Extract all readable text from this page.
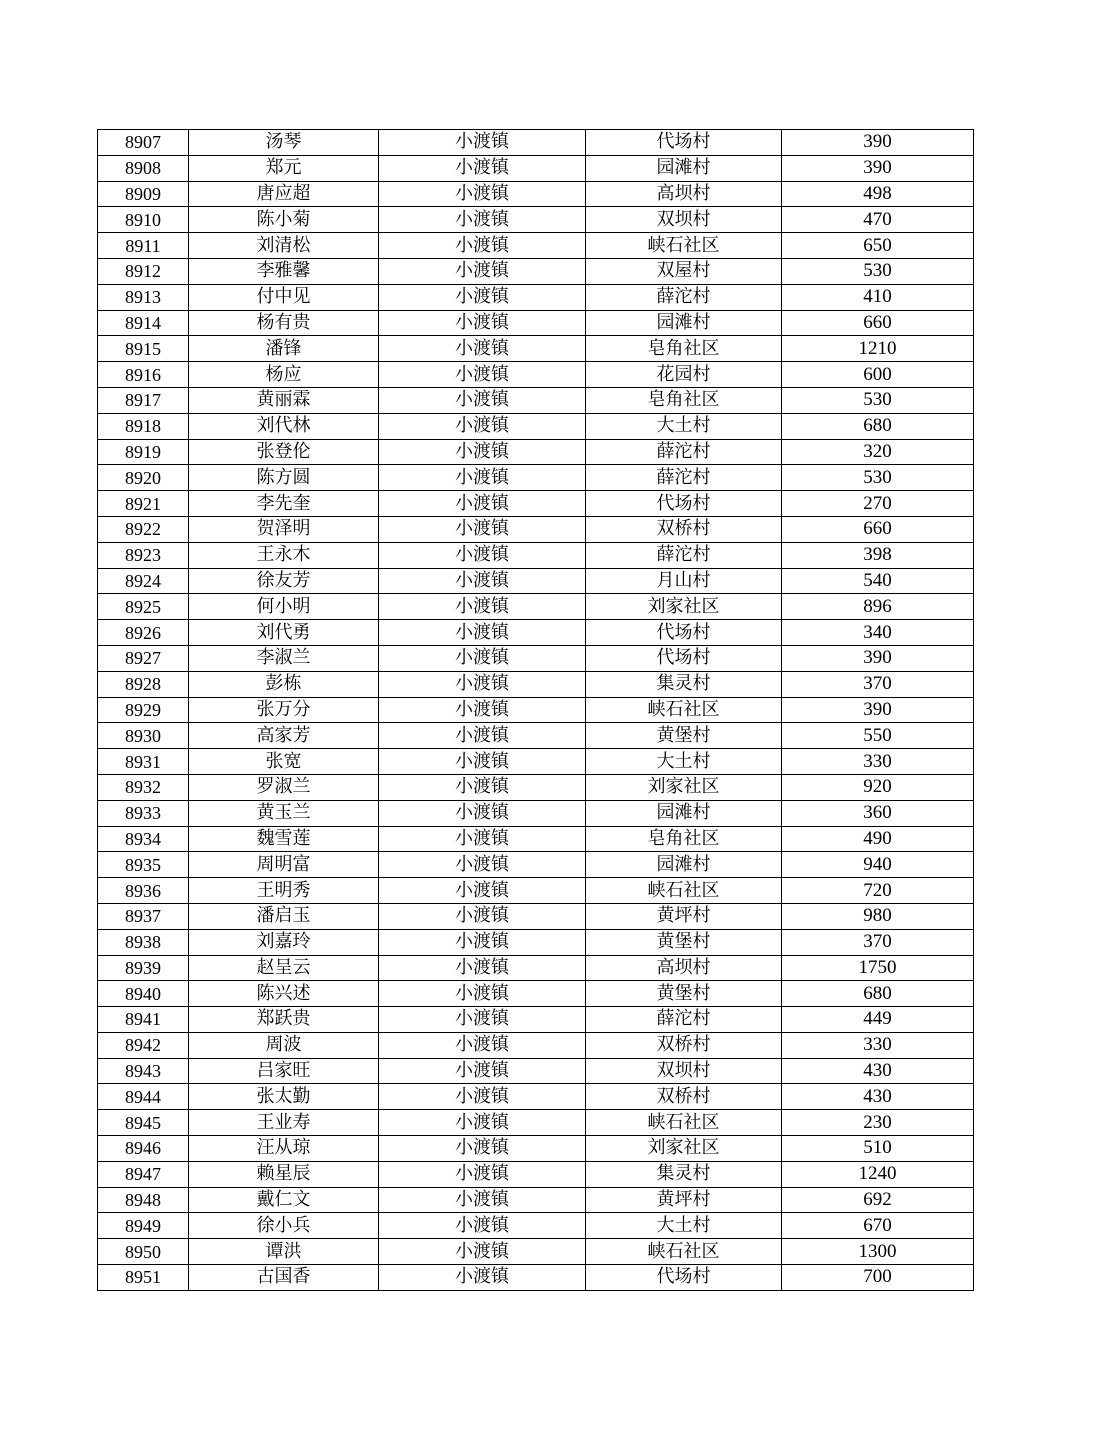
8907	汤琴	小渡镇	代场村	390
8908	郑元	小渡镇	园滩村	390
8909	唐应超	小渡镇	高坝村	498
8910	陈小菊	小渡镇	双坝村	470
8911	刘清松	小渡镇	峡石社区	650
8912	李雅馨	小渡镇	双屋村	530
8913	付中见	小渡镇	薛沱村	410
8914	杨有贵	小渡镇	园滩村	660
8915	潘锋	小渡镇	皂角社区	1210
8916	杨应	小渡镇	花园村	600
8917	黄丽霖	小渡镇	皂角社区	530
8918	刘代林	小渡镇	大土村	680
8919	张登伦	小渡镇	薛沱村	320
8920	陈方圆	小渡镇	薛沱村	530
8921	李先奎	小渡镇	代场村	270
8922	贺泽明	小渡镇	双桥村	660
8923	王永木	小渡镇	薛沱村	398
8924	徐友芳	小渡镇	月山村	540
8925	何小明	小渡镇	刘家社区	896
8926	刘代勇	小渡镇	代场村	340
8927	李淑兰	小渡镇	代场村	390
8928	彭栋	小渡镇	集灵村	370
8929	张万分	小渡镇	峡石社区	390
8930	高家芳	小渡镇	黄堡村	550
8931	张宽	小渡镇	大土村	330
8932	罗淑兰	小渡镇	刘家社区	920
8933	黄玉兰	小渡镇	园滩村	360
8934	魏雪莲	小渡镇	皂角社区	490
8935	周明富	小渡镇	园滩村	940
8936	王明秀	小渡镇	峡石社区	720
8937	潘启玉	小渡镇	黄坪村	980
8938	刘嘉玲	小渡镇	黄堡村	370
8939	赵呈云	小渡镇	高坝村	1750
8940	陈兴述	小渡镇	黄堡村	680
8941	郑跃贵	小渡镇	薛沱村	449
8942	周波	小渡镇	双桥村	330
8943	吕家旺	小渡镇	双坝村	430
8944	张太勤	小渡镇	双桥村	430
8945	王业寿	小渡镇	峡石社区	230
8946	汪从琼	小渡镇	刘家社区	510
8947	赖星辰	小渡镇	集灵村	1240
8948	戴仁文	小渡镇	黄坪村	692
8949	徐小兵	小渡镇	大土村	670
8950	谭洪	小渡镇	峡石社区	1300
8951	古国香	小渡镇	代场村	700
